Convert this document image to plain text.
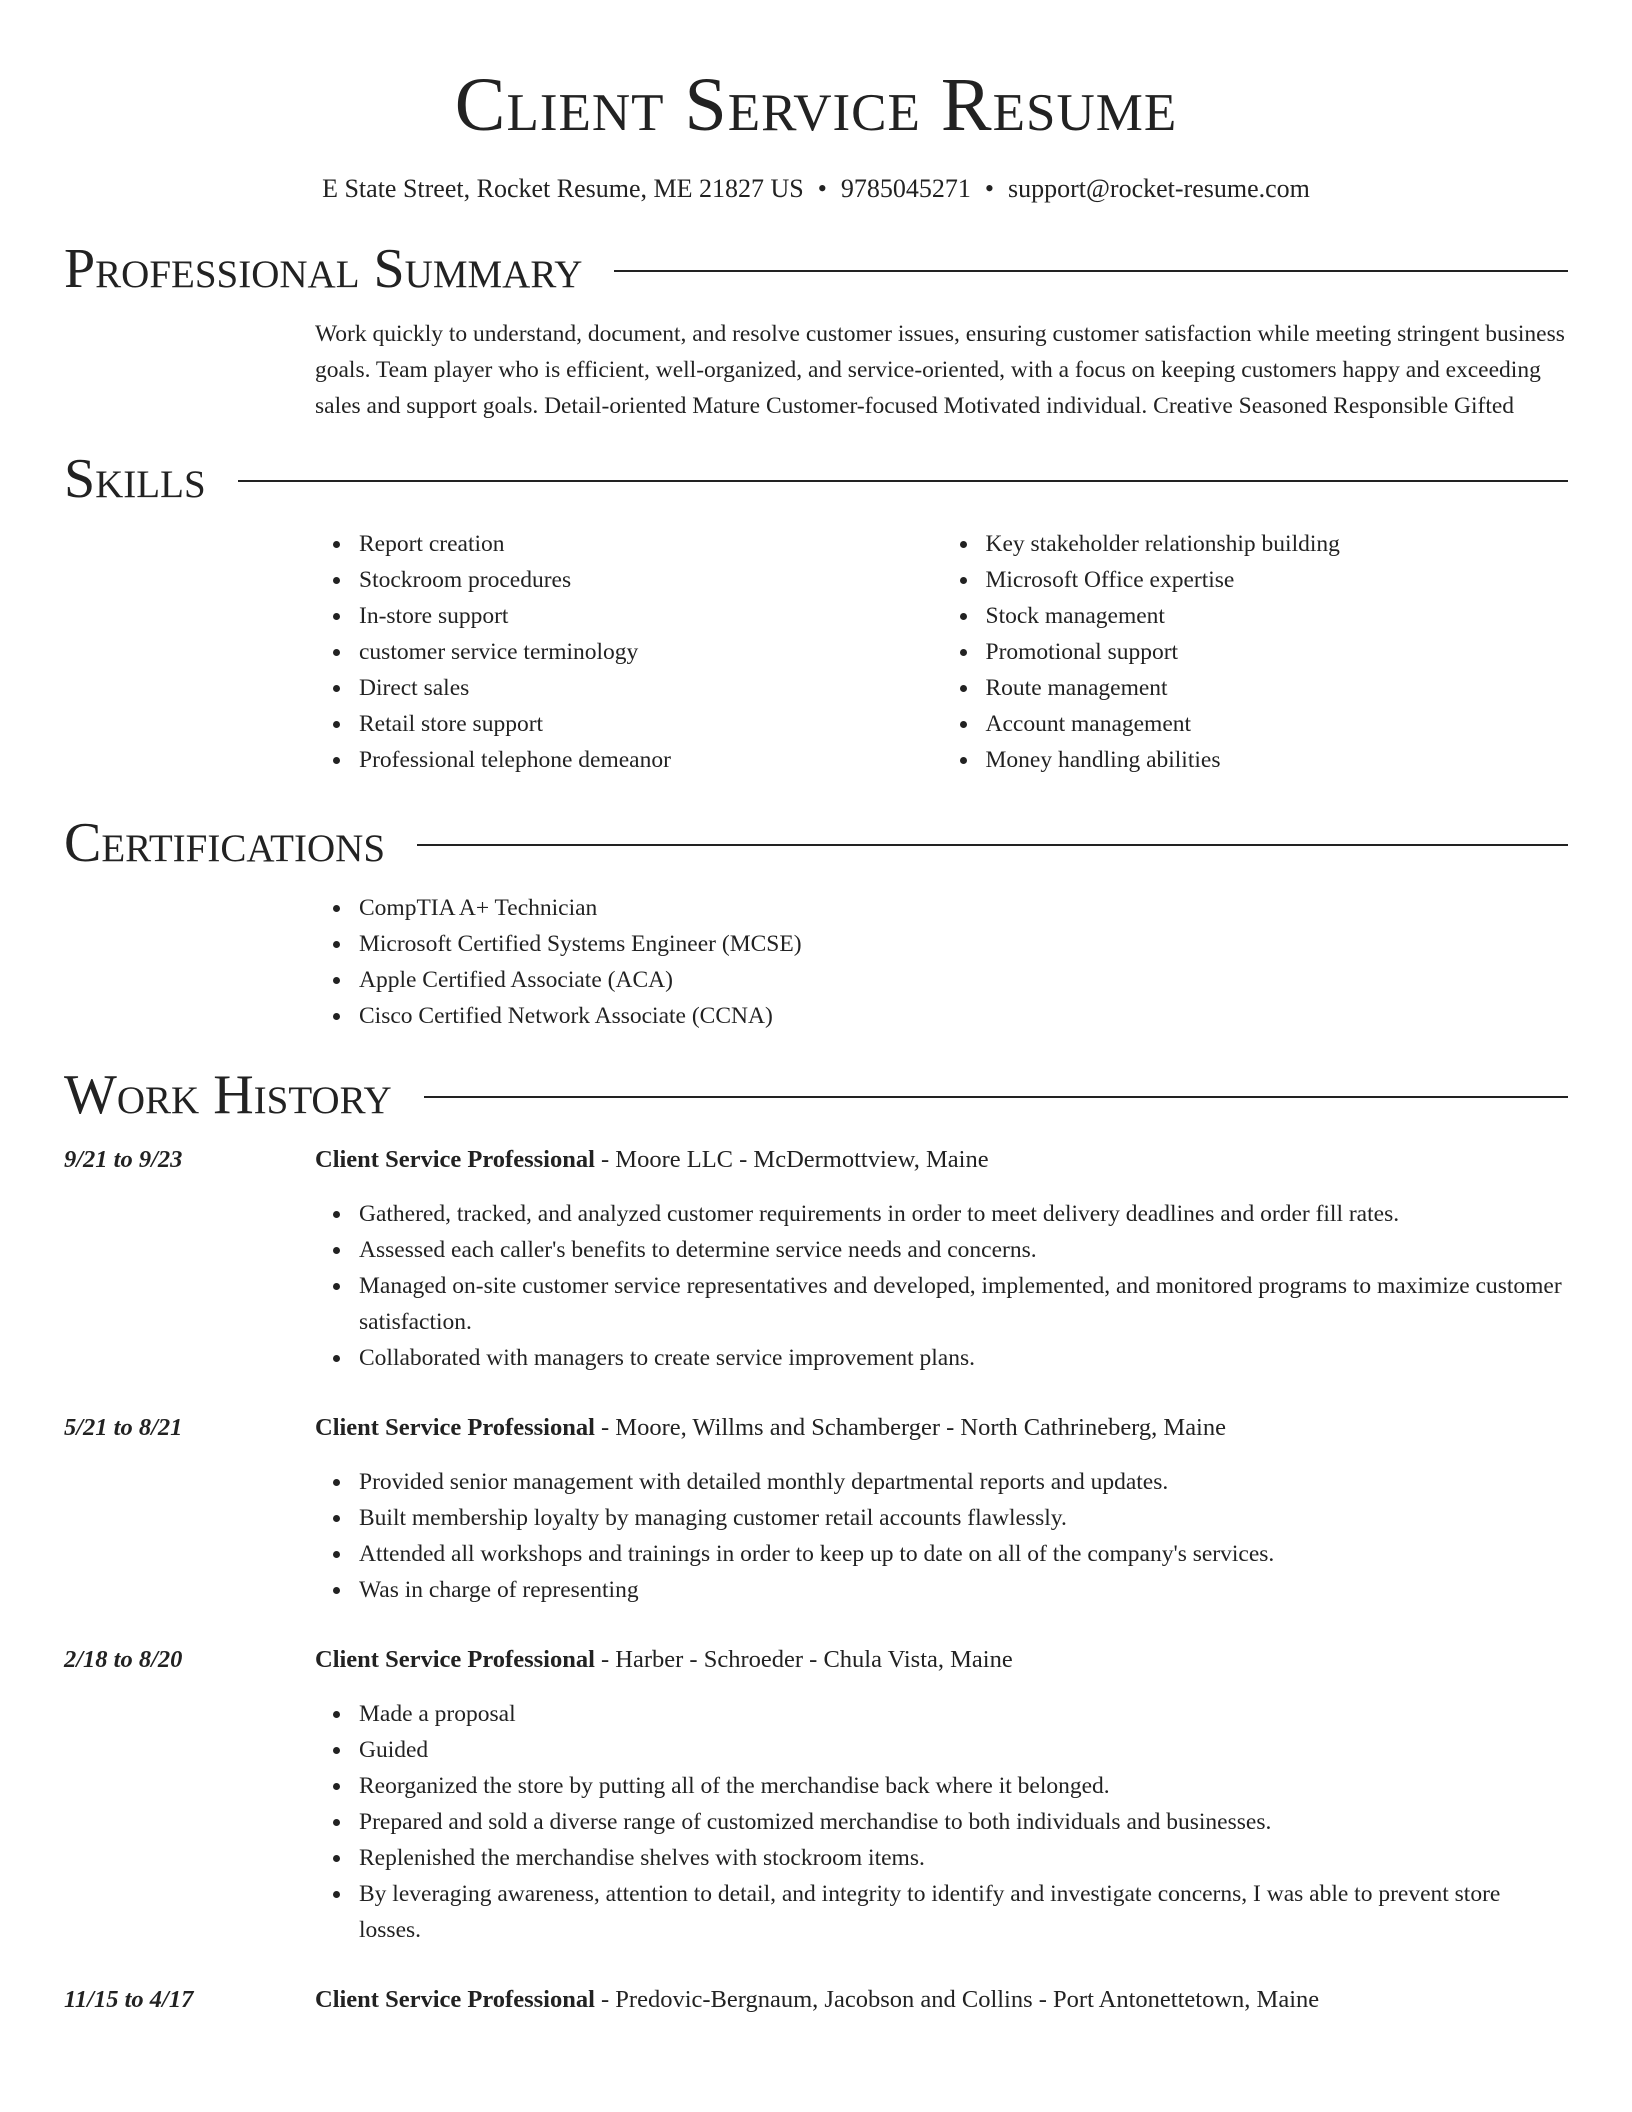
Client Service Resume
E State Street, Rocket Resume, ME 21827 US • 9785045271 • support@rocket-resume.com
Professional Summary

Work quickly to understand, document, and resolve customer issues, ensuring customer satisfaction while meeting stringent business goals. Team player who is efficient, well-organized, and service-oriented, with a focus on keeping customers happy and exceeding sales and support goals. Detail-oriented Mature Customer-focused Motivated individual. Creative Seasoned Responsible Gifted

Skills
Report creation
Stockroom procedures
In-store support
customer service terminology
Direct sales
Retail store support
Professional telephone demeanor
Key stakeholder relationship building
Microsoft Office expertise
Stock management
Promotional support
Route management
Account management
Money handling abilities
Certifications
CompTIA A+ Technician
Microsoft Certified Systems Engineer (MCSE)
Apple Certified Associate (ACA)
Cisco Certified Network Associate (CCNA)
Work History
9/21 to 9/23	Client Service Professional - Moore LLC - McDermottview, Maine
Gathered, tracked, and analyzed customer requirements in order to meet delivery deadlines and order fill rates.
Assessed each caller's benefits to determine service needs and concerns.
Managed on-site customer service representatives and developed, implemented, and monitored programs to maximize customer satisfaction.
Collaborated with managers to create service improvement plans.
5/21 to 8/21	Client Service Professional - Moore, Willms and Schamberger - North Cathrineberg, Maine
Provided senior management with detailed monthly departmental reports and updates.
Built membership loyalty by managing customer retail accounts flawlessly.
Attended all workshops and trainings in order to keep up to date on all of the company's services.
Was in charge of representing
2/18 to 8/20	Client Service Professional - Harber - Schroeder - Chula Vista, Maine
Made a proposal
Guided
Reorganized the store by putting all of the merchandise back where it belonged.
Prepared and sold a diverse range of customized merchandise to both individuals and businesses.
Replenished the merchandise shelves with stockroom items.
By leveraging awareness, attention to detail, and integrity to identify and investigate concerns, I was able to prevent store losses.
11/15 to 4/17	Client Service Professional - Predovic-Bergnaum, Jacobson and Collins - Port Antonettetown, Maine
